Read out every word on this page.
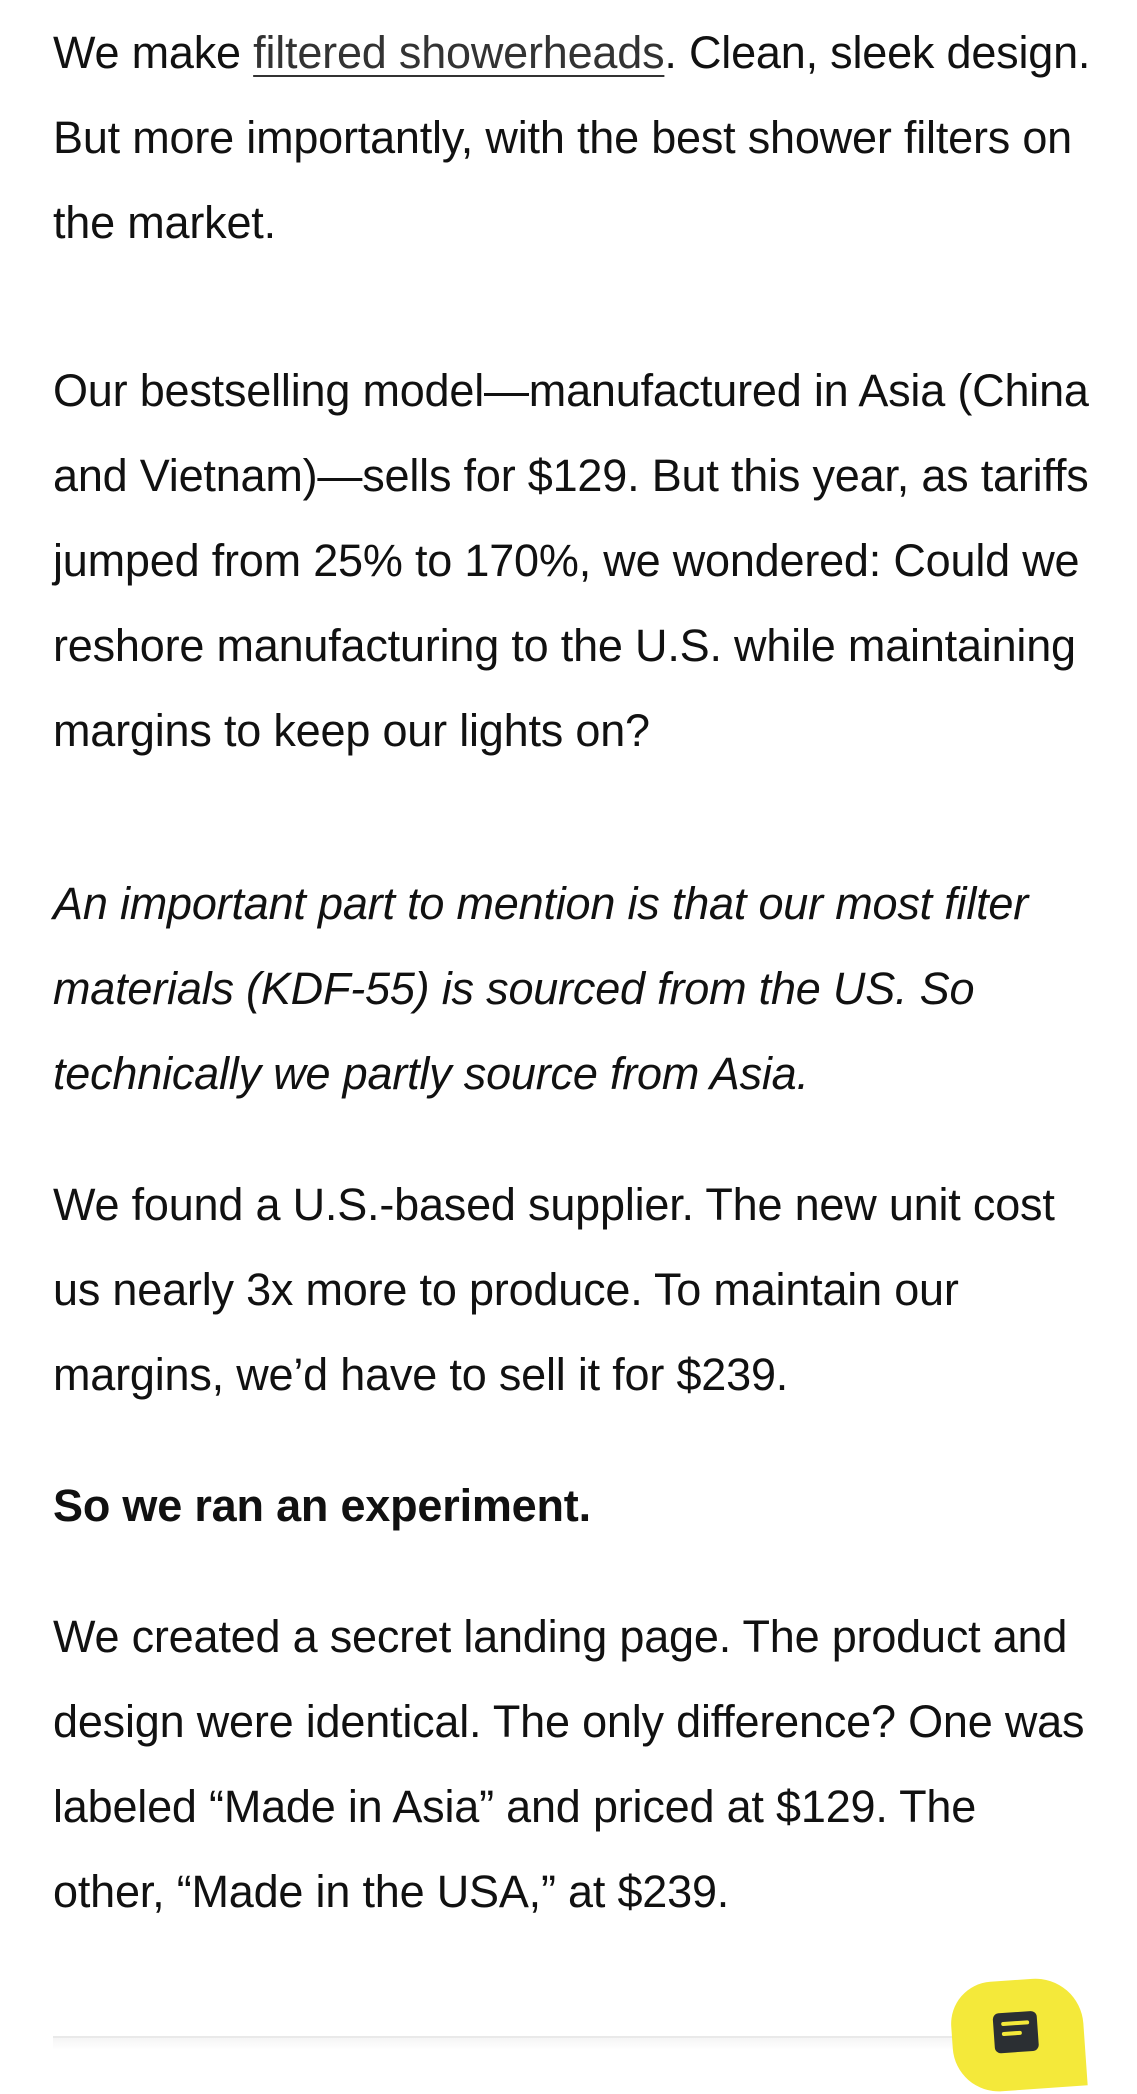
We make filtered showerheads. Clean, sleek design. But more importantly, with the best shower filters on the market.

Our bestselling model—manufactured in Asia (China and Vietnam)—sells for $129. But this year, as tariffs jumped from 25% to 170%, we wondered: Could we reshore manufacturing to the U.S. while maintaining margins to keep our lights on?

An important part to mention is that our most filter materials (KDF-55) is sourced from the US. So technically we partly source from Asia.

We found a U.S.-based supplier. The new unit cost us nearly 3x more to produce. To maintain our margins, we’d have to sell it for $239.

So we ran an experiment.

We created a secret landing page. The product and design were identical. The only difference? One was labeled “Made in Asia” and priced at $129. The other, “Made in the USA,” at $239.
